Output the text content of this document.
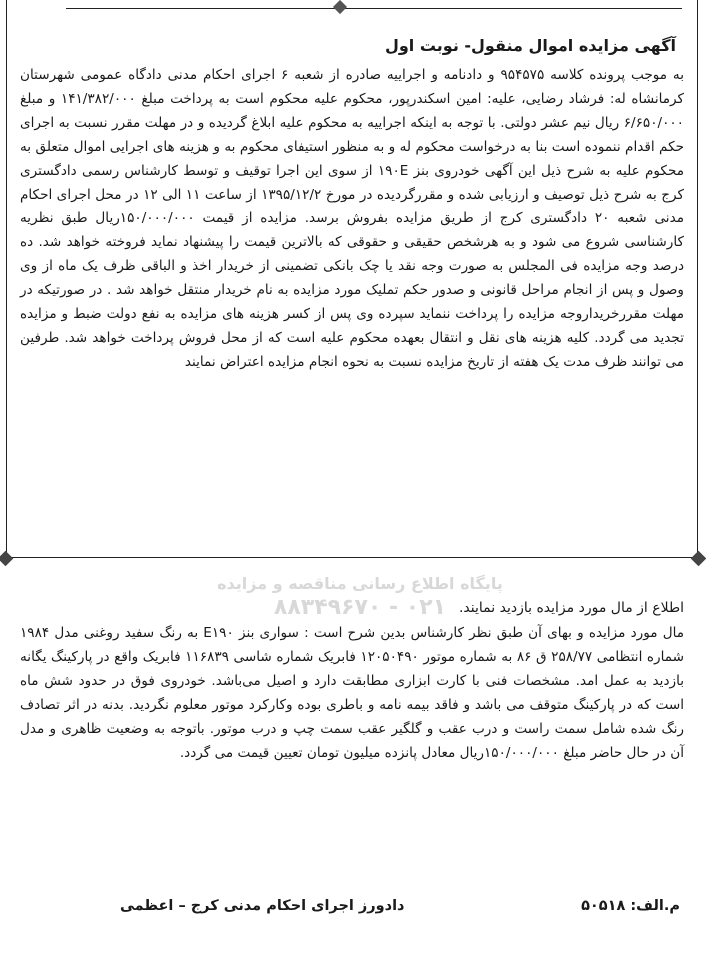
آگهی مزایده اموال منقول- نوبت اول

به موجب پرونده کلاسه ۹۵۴۵۷۵ و دادنامه و اجراییه صادره از شعبه ۶ اجرای احکام مدنی دادگاه عمومی شهرستان کرمانشاه له: فرشاد رضایی، علیه: امین اسکندرپور، محکوم علیه محکوم است به پرداخت مبلغ ۱۴۱/۳۸۲/۰۰۰ و مبلغ ۶/۶۵۰/۰۰۰ ریال نیم عشر دولتی. با توجه به اینکه اجراییه به محکوم علیه ابلاغ گردیده و در مهلت مقرر نسبت به اجرای حکم اقدام ننموده است بنا به درخواست محکوم له و به منظور استیفای محکوم به و هزینه های اجرایی اموال متعلق به محکوم علیه به شرح ذیل این آگهی خودروی بنز ۱۹۰E از سوی این اجرا توقیف و توسط کارشناس رسمی دادگستری کرج به شرح ذیل توصیف و ارزیابی شده و مقررگردیده در مورخ ۱۳۹۵/۱۲/۲ از ساعت ۱۱ الی ۱۲ در محل اجرای احکام مدنی شعبه ۲۰ دادگستری کرج از طریق مزایده بفروش برسد. مزایده از قیمت ۱۵۰/۰۰۰/۰۰۰ریال طبق نظریه کارشناسی شروع می شود و به هرشخص حقیقی و حقوقی که بالاترین قیمت را پیشنهاد نماید فروخته خواهد شد. ده درصد وجه مزایده فی المجلس به صورت وجه نقد یا چک بانکی تضمینی از خریدار اخذ و الباقی ظرف یک ماه از وی وصول و پس از انجام مراحل قانونی و صدور حکم تملیک مورد مزایده به نام خریدار منتقل خواهد شد . در صورتیکه در مهلت مقررخریداروجه مزایده را پرداخت ننماید سپرده وی پس از کسر هزینه های مزایده به نفع دولت ضبط و مزایده تجدید می گردد. کلیه هزینه های نقل و انتقال بعهده محکوم علیه است که از محل فروش پرداخت خواهد شد. طرفین می توانند ظرف مدت یک هفته از تاریخ مزایده نسبت به نحوه انجام مزایده اعتراض نمایند

پایگاه اطلاع رسانی مناقصه و مزایده
۰۲۱ - ۸۸۳۴۹۶۷۰ اطلاع از مال مورد مزایده بازدید نمایند.

مال مورد مزایده و بهای آن طبق نظر کارشناس بدین شرح است : سواری بنز E۱۹۰ به رنگ سفید روغنی مدل ۱۹۸۴ شماره انتظامی ۲۵۸/۷۷ ق ۸۶ به شماره موتور ۱۲۰۵۰۴۹۰ فابریک شماره شاسی ۱۱۶۸۳۹ فابریک واقع در پارکینگ یگانه بازدید به عمل امد. مشخصات فنی با کارت ابزاری مطابقت دارد و اصیل می‌باشد. خودروی فوق در حدود شش ماه است که در پارکینگ متوقف می باشد و فاقد بیمه نامه و باطری بوده وکارکرد موتور معلوم نگردید. بدنه در اثر تصادف رنگ شده شامل سمت راست و درب عقب و گلگیر عقب سمت چپ و درب موتور. باتوجه به وضعیت ظاهری و مدل آن در حال حاضر مبلغ ۱۵۰/۰۰۰/۰۰۰ریال معادل پانزده میلیون تومان تعیین قیمت می گردد.

م.الف: ۵۰۵۱۸
دادورز اجرای احکام مدنی کرج – اعظمی
